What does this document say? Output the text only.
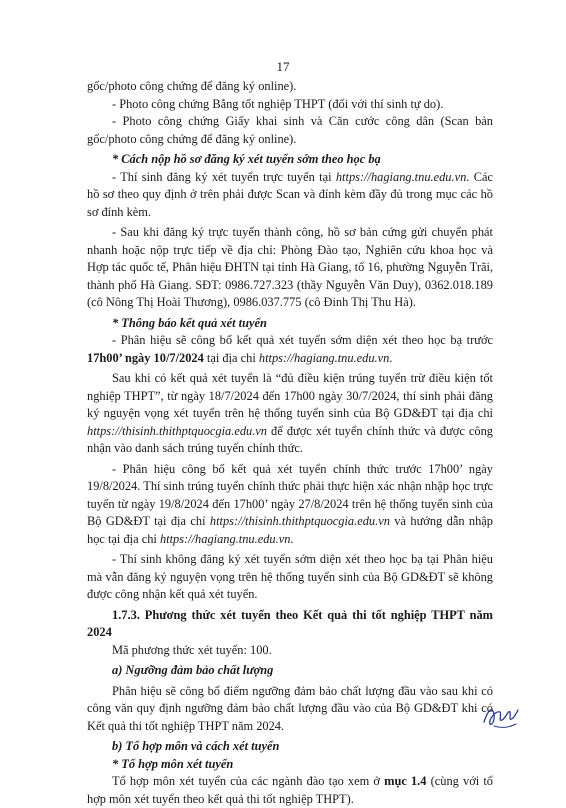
17

gốc/photo công chứng để đăng ký online).

- Photo công chứng Bằng tốt nghiệp THPT (đối với thí sinh tự do).

- Photo công chứng Giấy khai sinh và Căn cước công dân (Scan bản gốc/photo công chứng để đăng ký online).

* Cách nộp hồ sơ đăng ký xét tuyển sớm theo học bạ

- Thí sinh đăng ký xét tuyển trực tuyến tại https://hagiang.tnu.edu.vn. Các hồ sơ theo quy định ở trên phải được Scan và đính kèm đầy đủ trong mục các hồ sơ đính kèm.

- Sau khi đăng ký trực tuyến thành công, hồ sơ bản cứng gửi chuyển phát nhanh hoặc nộp trực tiếp về địa chỉ: Phòng Đào tạo, Nghiên cứu khoa học và Hợp tác quốc tế, Phân hiệu ĐHTN tại tỉnh Hà Giang, tổ 16, phường Nguyễn Trãi, thành phố Hà Giang. SĐT: 0986.727.323 (thầy Nguyễn Văn Duy), 0362.018.189 (cô Nông Thị Hoài Thương), 0986.037.775 (cô Đinh Thị Thu Hà).

* Thông báo kết quả xét tuyển

- Phân hiệu sẽ công bố kết quả xét tuyển sớm diện xét theo học bạ trước 17h00’ ngày 10/7/2024 tại địa chỉ https://hagiang.tnu.edu.vn.

Sau khi có kết quả xét tuyển là “đủ điều kiện trúng tuyển trừ điều kiện tốt nghiệp THPT”, từ ngày 18/7/2024 đến 17h00 ngày 30/7/2024, thí sinh phải đăng ký nguyện vọng xét tuyển trên hệ thống tuyển sinh của Bộ GD&ĐT tại địa chỉ https://thisinh.thithptquocgia.edu.vn để được xét tuyển chính thức và được công nhận vào danh sách trúng tuyển chính thức.

- Phân hiệu công bố kết quả xét tuyển chính thức trước 17h00’ ngày 19/8/2024. Thí sinh trúng tuyển chính thức phải thực hiện xác nhận nhập học trực tuyến từ ngày 19/8/2024 đến 17h00’ ngày 27/8/2024 trên hệ thống tuyển sinh của Bộ GD&ĐT tại địa chỉ https://thisinh.thithptquocgia.edu.vn và hướng dẫn nhập học tại địa chỉ https://hagiang.tnu.edu.vn.

- Thí sinh không đăng ký xét tuyển sớm diện xét theo học bạ tại Phân hiệu mà vẫn đăng ký nguyện vọng trên hệ thống tuyển sinh của Bộ GD&ĐT sẽ không được công nhận kết quả xét tuyển.

1.7.3. Phương thức xét tuyển theo Kết quả thi tốt nghiệp THPT năm 2024

Mã phương thức xét tuyển: 100.

a) Ngưỡng đảm bảo chất lượng

Phân hiệu sẽ công bố điểm ngưỡng đảm bảo chất lượng đầu vào sau khi có công văn quy định ngưỡng đảm bảo chất lượng đầu vào của Bộ GD&ĐT khi có Kết quả thi tốt nghiệp THPT năm 2024.

b) Tổ hợp môn và cách xét tuyển

* Tổ hợp môn xét tuyển

Tổ hợp môn xét tuyển của các ngành đào tạo xem ở mục 1.4 (cùng với tổ hợp môn xét tuyển theo kết quả thi tốt nghiệp THPT).
